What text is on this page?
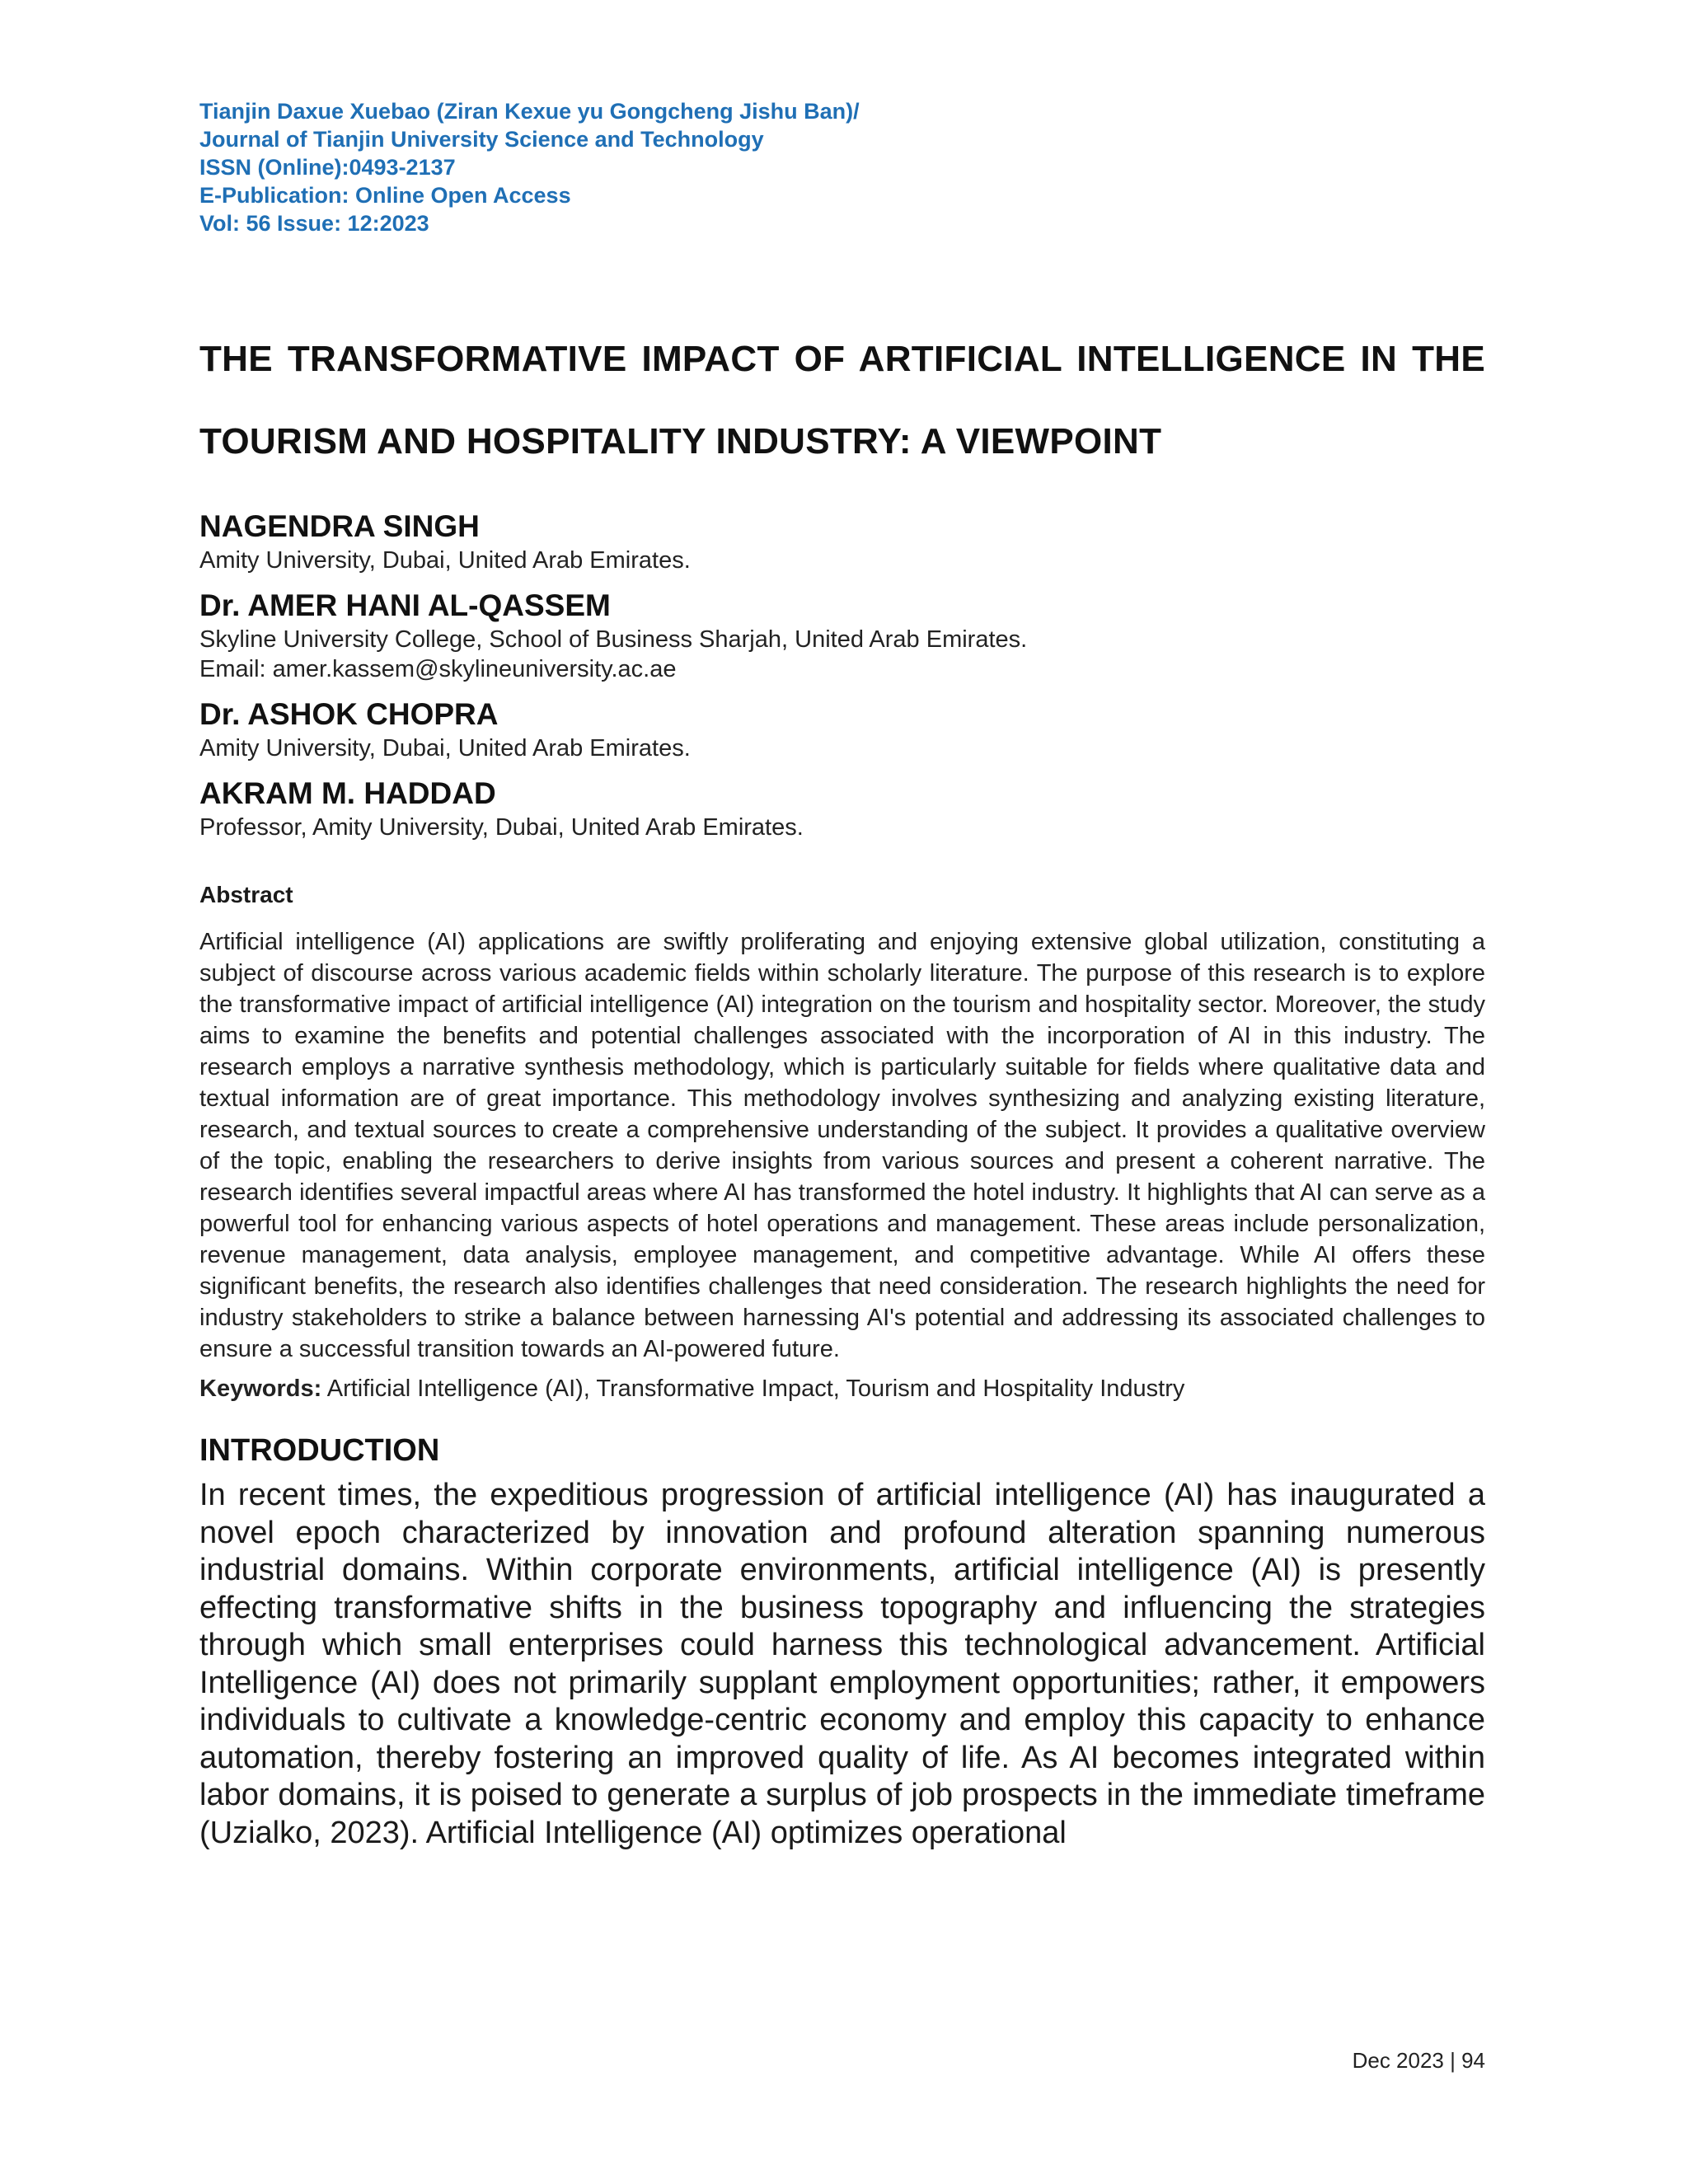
Tianjin Daxue Xuebao (Ziran Kexue yu Gongcheng Jishu Ban)/
Journal of Tianjin University Science and Technology
ISSN (Online):0493-2137
E-Publication: Online Open Access
Vol: 56 Issue: 12:2023
THE TRANSFORMATIVE IMPACT OF ARTIFICIAL INTELLIGENCE IN THE TOURISM AND HOSPITALITY INDUSTRY: A VIEWPOINT
NAGENDRA SINGH
Amity University, Dubai, United Arab Emirates.
Dr. AMER HANI AL-QASSEM
Skyline University College, School of Business Sharjah, United Arab Emirates.
Email: amer.kassem@skylineuniversity.ac.ae
Dr. ASHOK CHOPRA
Amity University, Dubai, United Arab Emirates.
AKRAM M. HADDAD
Professor, Amity University, Dubai, United Arab Emirates.
Abstract
Artificial intelligence (AI) applications are swiftly proliferating and enjoying extensive global utilization, constituting a subject of discourse across various academic fields within scholarly literature. The purpose of this research is to explore the transformative impact of artificial intelligence (AI) integration on the tourism and hospitality sector. Moreover, the study aims to examine the benefits and potential challenges associated with the incorporation of AI in this industry. The research employs a narrative synthesis methodology, which is particularly suitable for fields where qualitative data and textual information are of great importance. This methodology involves synthesizing and analyzing existing literature, research, and textual sources to create a comprehensive understanding of the subject. It provides a qualitative overview of the topic, enabling the researchers to derive insights from various sources and present a coherent narrative. The research identifies several impactful areas where AI has transformed the hotel industry. It highlights that AI can serve as a powerful tool for enhancing various aspects of hotel operations and management. These areas include personalization, revenue management, data analysis, employee management, and competitive advantage. While AI offers these significant benefits, the research also identifies challenges that need consideration. The research highlights the need for industry stakeholders to strike a balance between harnessing AI's potential and addressing its associated challenges to ensure a successful transition towards an AI-powered future.
Keywords: Artificial Intelligence (AI), Transformative Impact, Tourism and Hospitality Industry
INTRODUCTION
In recent times, the expeditious progression of artificial intelligence (AI) has inaugurated a novel epoch characterized by innovation and profound alteration spanning numerous industrial domains. Within corporate environments, artificial intelligence (AI) is presently effecting transformative shifts in the business topography and influencing the strategies through which small enterprises could harness this technological advancement. Artificial Intelligence (AI) does not primarily supplant employment opportunities; rather, it empowers individuals to cultivate a knowledge-centric economy and employ this capacity to enhance automation, thereby fostering an improved quality of life. As AI becomes integrated within labor domains, it is poised to generate a surplus of job prospects in the immediate timeframe (Uzialko, 2023). Artificial Intelligence (AI) optimizes operational
Dec 2023 | 94
